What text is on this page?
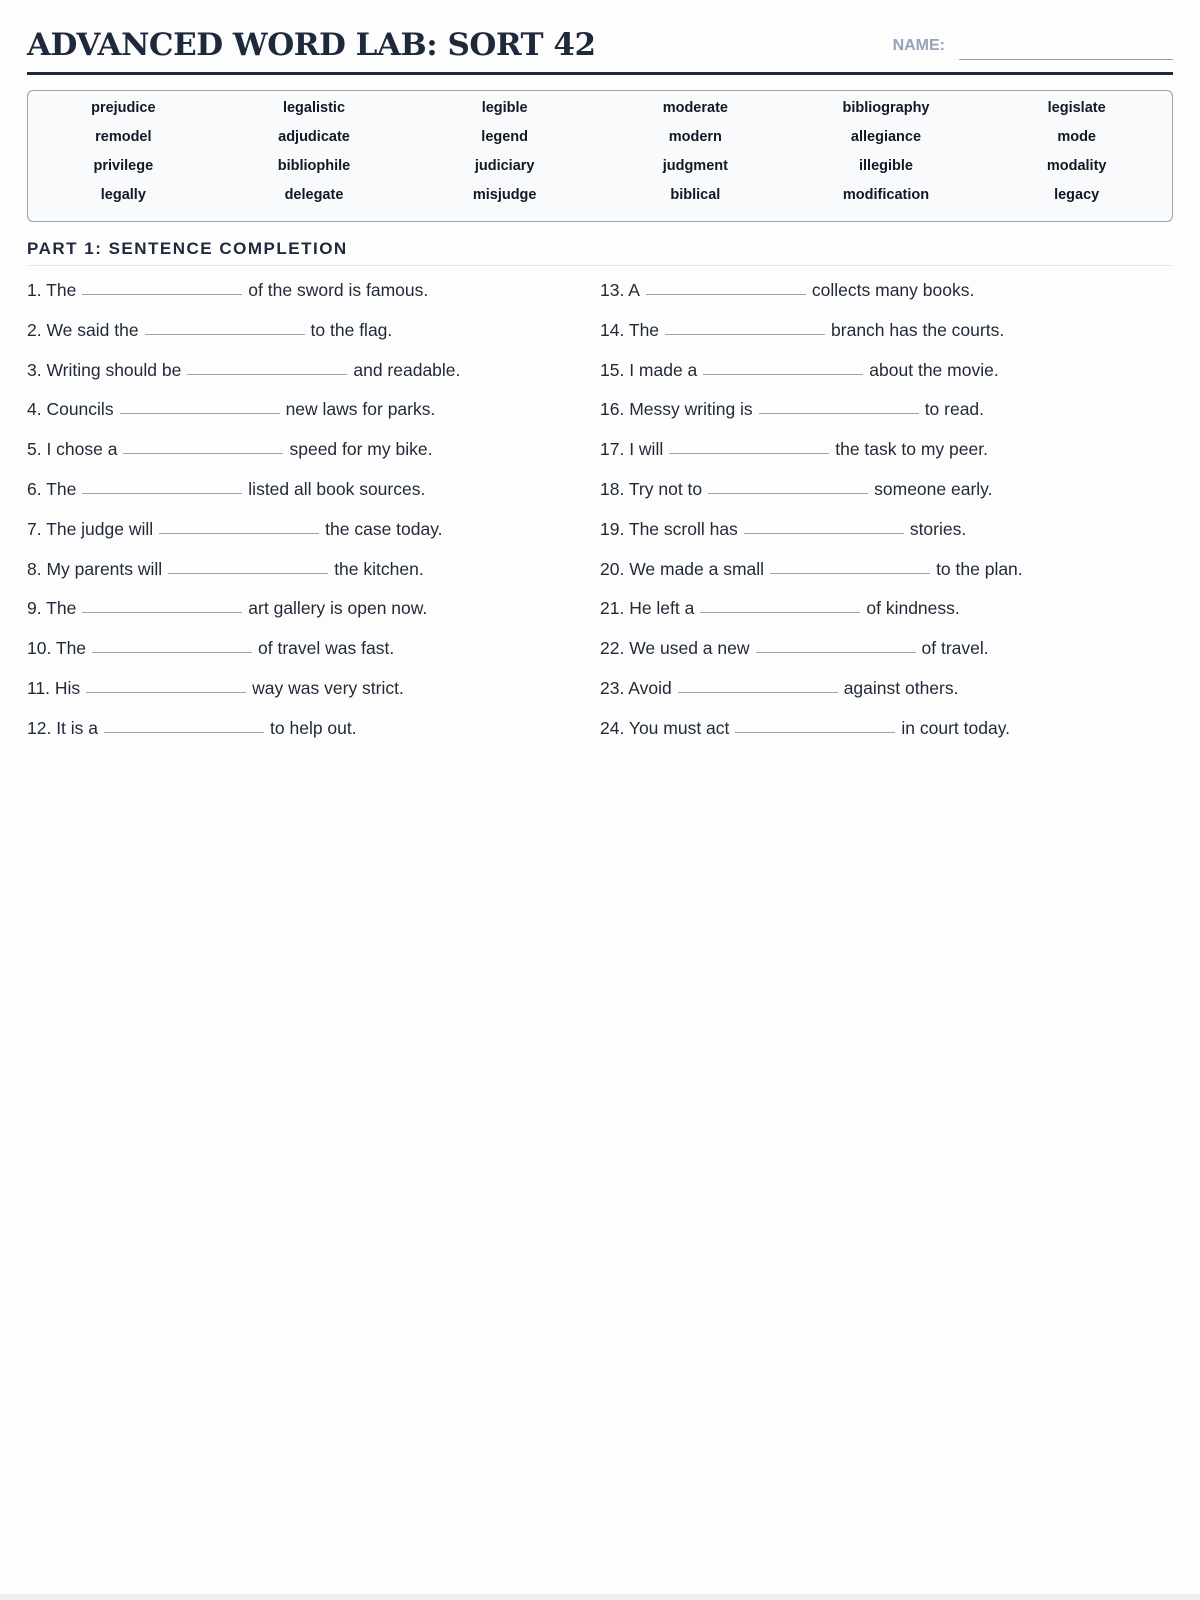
ADVANCED WORD LAB: SORT 42	NAME:
prejudice	legalistic	legible	moderate	bibliography	legislate
remodel	adjudicate	legend	modern	allegiance	mode
privilege	bibliophile	judiciary	judgment	illegible	modality
legally	delegate	misjudge	biblical	modification	legacy
PART 1: SENTENCE COMPLETION
1. The	of the sword is famous.
2. We said the	to the flag.
3. Writing should be	and readable.
4. Councils	new laws for parks.
5. I chose a	speed for my bike.
6. The	listed all book sources.
7. The judge will	the case today.
8. My parents will	the kitchen.
9. The	art gallery is open now.
10. The	of travel was fast.
11. His	way was very strict.
12. It is a	to help out.
13. A	collects many books.
14. The	branch has the courts.
15. I made a	about the movie.
16. Messy writing is	to read.
17. I will	the task to my peer.
18. Try not to	someone early.
19. The scroll has	stories.
20. We made a small	to the plan.
21. He left a	of kindness.
22. We used a new	of travel.
23. Avoid	against others.
24. You must act	in court today.
